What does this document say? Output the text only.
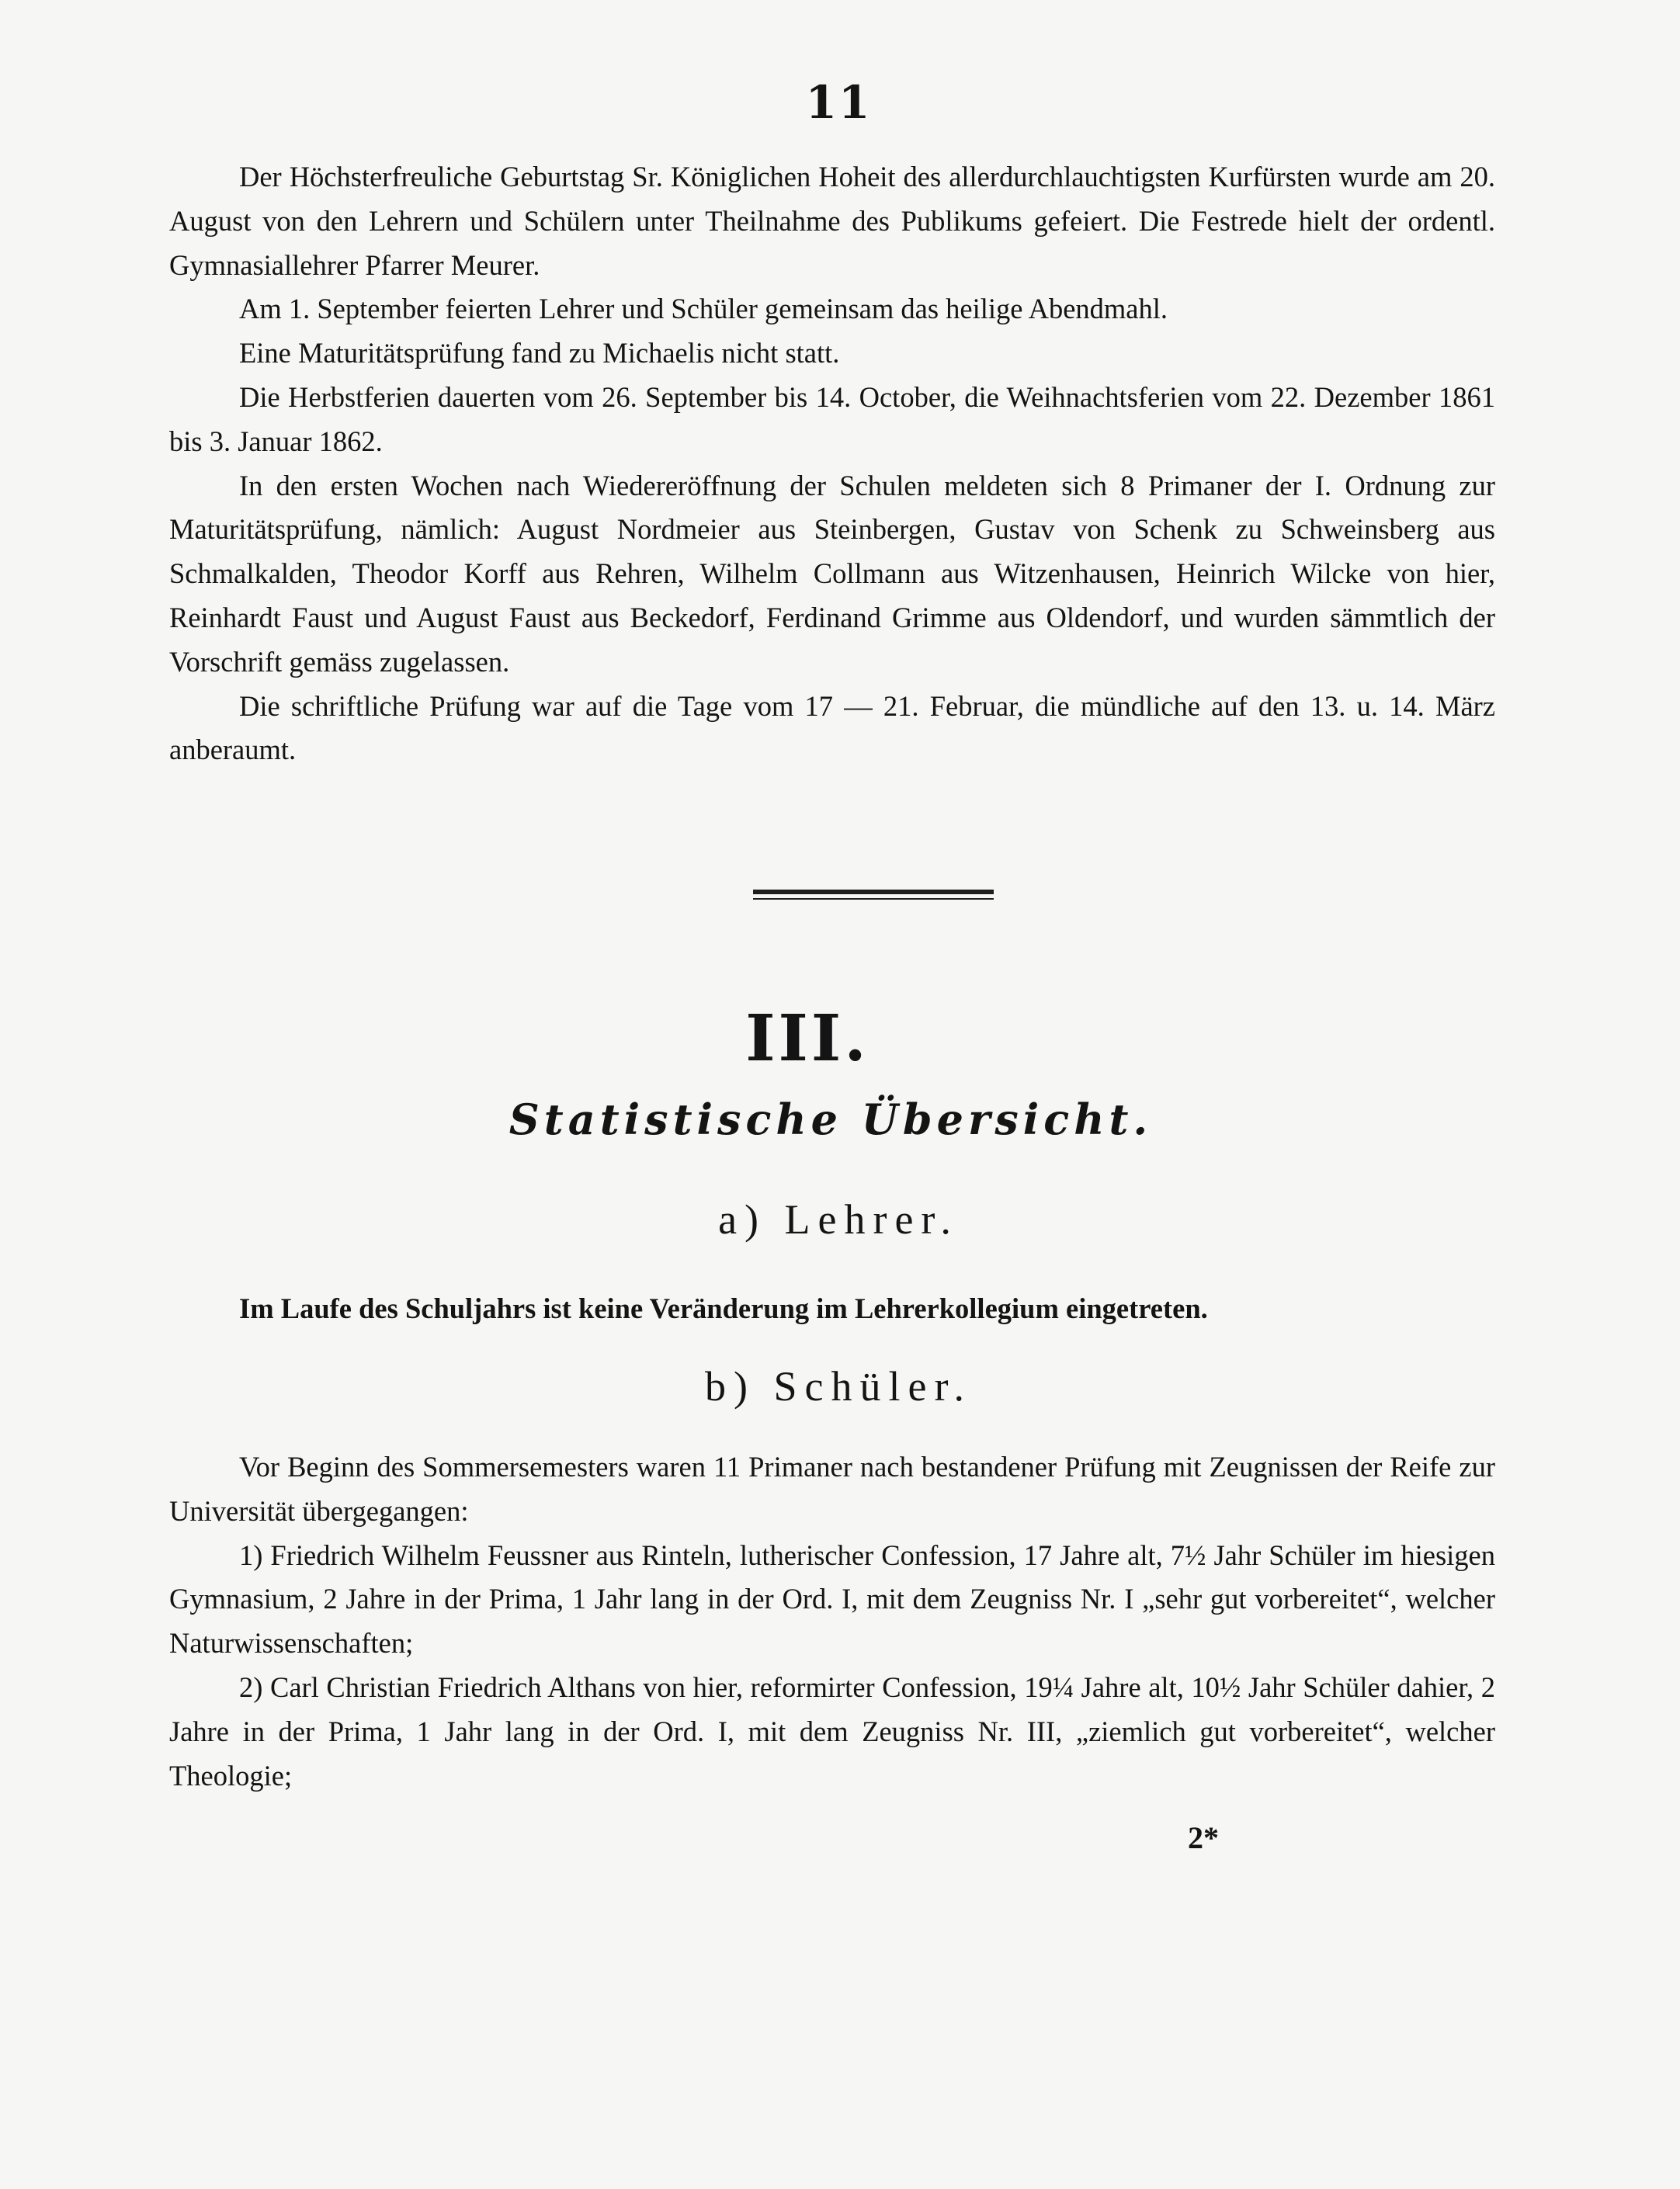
11

Der Höchsterfreuliche Geburtstag Sr. Königlichen Hoheit des allerdurchlauchtigsten Kurfürsten wurde am 20. August von den Lehrern und Schülern unter Theilnahme des Publikums gefeiert. Die Festrede hielt der ordentl. Gymnasiallehrer Pfarrer Meurer.

Am 1. September feierten Lehrer und Schüler gemeinsam das heilige Abendmahl.

Eine Maturitätsprüfung fand zu Michaelis nicht statt.

Die Herbstferien dauerten vom 26. September bis 14. October, die Weihnachtsferien vom 22. Dezember 1861 bis 3. Januar 1862.

In den ersten Wochen nach Wiedereröffnung der Schulen meldeten sich 8 Primaner der I. Ordnung zur Maturitätsprüfung, nämlich: August Nordmeier aus Steinbergen, Gustav von Schenk zu Schweinsberg aus Schmalkalden, Theodor Korff aus Rehren, Wilhelm Collmann aus Witzenhausen, Heinrich Wilcke von hier, Reinhardt Faust und August Faust aus Beckedorf, Ferdinand Grimme aus Oldendorf, und wurden sämmtlich der Vorschrift gemäss zugelassen.

Die schriftliche Prüfung war auf die Tage vom 17 — 21. Februar, die mündliche auf den 13. u. 14. März anberaumt.

III.
Statistische Übersicht.
a) Lehrer.
Im Laufe des Schuljahrs ist keine Veränderung im Lehrerkollegium eingetreten.
b) Schüler.

Vor Beginn des Sommersemesters waren 11 Primaner nach bestandener Prüfung mit Zeugnissen der Reife zur Universität übergegangen:

1) Friedrich Wilhelm Feussner aus Rinteln, lutherischer Confession, 17 Jahre alt, 7½ Jahr Schüler im hiesigen Gymnasium, 2 Jahre in der Prima, 1 Jahr lang in der Ord. I, mit dem Zeugniss Nr. I „sehr gut vorbereitet“, welcher Naturwissenschaften;

2) Carl Christian Friedrich Althans von hier, reformirter Confession, 19¼ Jahre alt, 10½ Jahr Schüler dahier, 2 Jahre in der Prima, 1 Jahr lang in der Ord. I, mit dem Zeugniss Nr. III, „ziemlich gut vorbereitet“, welcher Theologie;

2*
